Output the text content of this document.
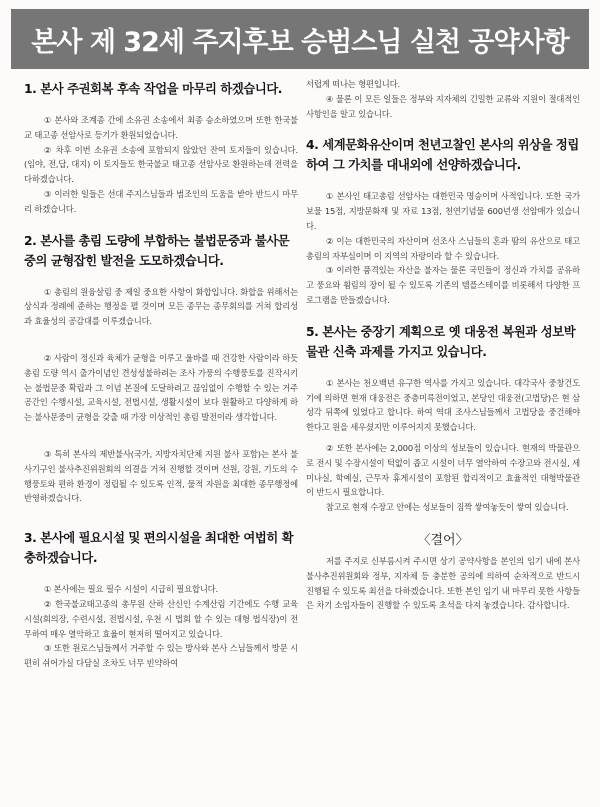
본사 제 32세 주지후보 승범스님 실천 공약사항
1. 본사 주권회복 후속 작업을 마무리 하겠습니다.

① 본사와 조계종 간에 소유권 소송에서 최종 승소하였으며 또한 한국불교 태고종 선암사로 등기가 환원되었습니다.

② 차후 이번 소유권 소송에 포함되지 않았던 잔여 토지들이 있습니다. (임야, 전,답, 대지) 이 토지들도 한국불교 태고종 선암사로 환원하는데 전력을 다하겠습니다.

③ 이러한 일들은 선대 주지스님들과 범조인의 도움을 받아 반드시 마무리 하겠습니다.

2. 본사를 총림 도량에 부합하는 불법문중과 불사문중의 균형잡힌 발전을 도모하겠습니다.

① 총림의 원융살림 중 제일 중요한 사항이 화합입니다. 화합을 위해서는 상식과 정례에 준하는 행정을 펼 것이며 모든 종무는 종무회의를 거쳐 합리성과 효율성의 공감대를 이루겠습니다.

② 사람이 정신과 육체가 균형을 이루고 울바를 때 건강한 사람이라 하듯 총림 도량 역시 출가이념인 견성성불하려는 조사 가풍의 수행풍토를 진작시키는 불법문중 확립과 그 이념 본질에 도달하려고 끊임없이 수행할 수 있는 거주공간인 수행시설, 교육시설, 전법시설, 생활시설이 보다 원활하고 다양하게 하는 불사문중이 균형을 갖출 때 가장 이상적인 총림 발전이라 생각합니다.

③ 특히 본사의 제반불사(국가, 지방자치단체 지원 불사 포함)는 본사 불사기구인 불사추진위원회의 의결을 거쳐 진행할 것이며 선원, 강원, 기도의 수행풍토와 편하 환경이 정립될 수 있도록 인적, 물적 자원을 최대한 종무행정에 반영하겠습니다.

3. 본사에 필요시설 및 편의시설을 최대한 여법히 확충하겠습니다.

① 본사에는 필요 필수 시설이 시급히 필요합니다.

② 한국불교태고종의 총무원 산하 산신인 수계산림 기간에도 수행 교육시설(회의장, 수련시설, 전법시설, 우천 시 법회 할 수 있는 대형 법식장)이 전무하여 매우 열악하고 효율이 현저히 떨어지고 있습니다.

③ 또한 원로스님들께서 거주할 수 있는 방사와 본사 스님들께서 방문 시 편히 쉬어가실 다담실 조차도 너무 빈약하여

서럽게 떠나는 형편입니다.

④ 물론 이 모든 일들은 정부와 지자체의 긴밀한 교류와 지원이 절대적인 사항인을 알고 있습니다.

4. 세계문화유산이며 천년고찰인 본사의 위상을 정립하여 그 가치를 대내외에 선양하겠습니다.

① 본사인 태고총림 선암사는 대한민국 명승이며 사적입니다. 또한 국가보물 15점, 지방문화재 및 자료 13점, 천연기념물 600년생 선암매가 있습니다.

② 이는 대한민국의 자산이며 선조사 스님들의 혼과 땀의 유산으로 태고총림의 자부심이며 이 지역의 자랑이라 할 수 있습니다.

③ 이러한 품격있는 자산을 불자는 물론 국민들이 정신과 가치를 공유하고 풍요와 휨림의 장이 될 수 있도록 기존의 템플스테이를 비롯해서 다양한 프로그램을 만들겠습니다.

5. 본사는 중장기 계획으로 옛 대웅전 복원과 성보박물관 신축 과제를 가지고 있습니다.

① 본사는 천오백년 유구한 역사를 가지고 있습니다. 대각국사 중창건도기에 의하면 현재 대웅전은 중층미륵전이었고, 본당인 대웅전(고법당)은 현 삼성각 뒤쪽에 있었다고 합니다. 하여 역대 조사스님들께서 고법당을 중건해야 한다고 원을 세우셨지만 이루어지지 못했습니다.

② 또한 본사에는 2,000점 이상의 성보들이 있습니다. 현재의 박물관으로 전시 및 수장시설이 턱없이 좁고 시설이 너무 열악하여 수장고와 전시실, 세미나실, 학예실, 근무자 휴게시설이 포함된 합리적이고 효율적인 대형박물관이 반드시 필요합니다.

참고로 현재 수장고 안에는 성보들이 짐짝 쌓여놓듯이 쌓여 있습니다.

〈결어〉

저를 주지로 신부름시켜 주시면 상기 공약사항을 본인의 임기 내에 본사 불사추진위원회와 정부, 지자체 등 충분한 공의에 의하여 순차적으로 반드시 진행될 수 있도록 최선을 다하겠습니다. 또한 본인 임기 내 마무리 못한 사항들은 차기 소임자들이 진행할 수 있도록 초석을 다져 놓겠습니다. 감사합니다.
